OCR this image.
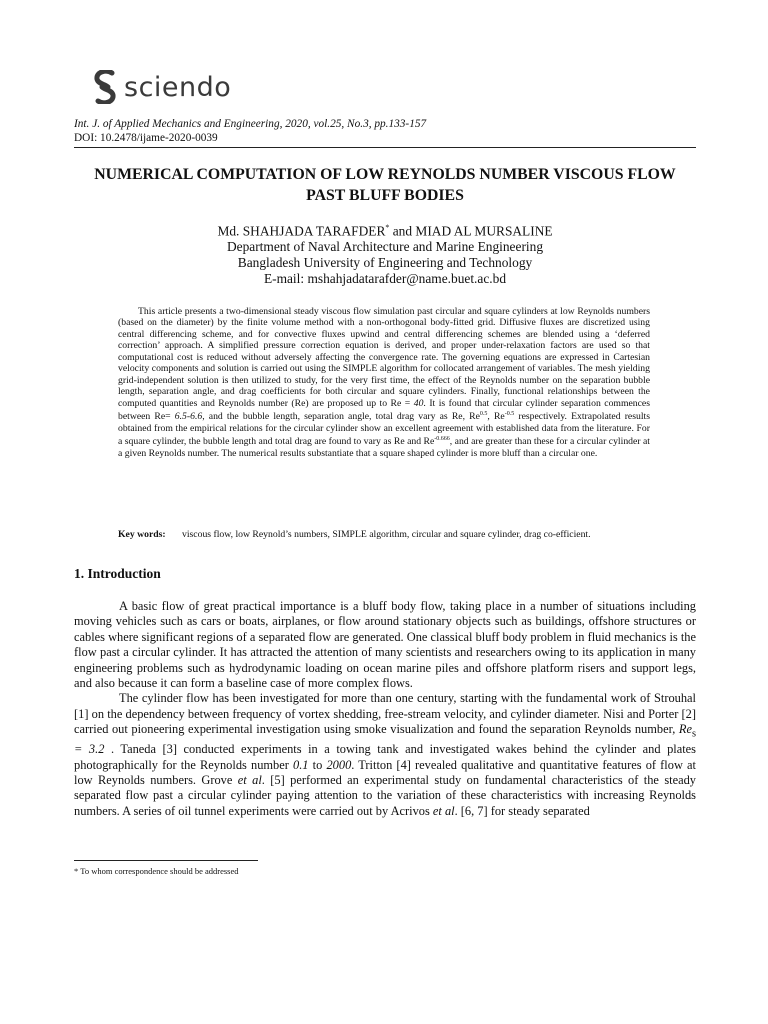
sciendo
Int. J. of Applied Mechanics and Engineering, 2020, vol.25, No.3, pp.133-157
DOI: 10.2478/ijame-2020-0039
NUMERICAL COMPUTATION OF LOW REYNOLDS NUMBER VISCOUS FLOW PAST BLUFF BODIES
Md. SHAHJADA TARAFDER* and MIAD AL MURSALINE
Department of Naval Architecture and Marine Engineering
Bangladesh University of Engineering and Technology
E-mail: mshahjadatarafder@name.buet.ac.bd

This article presents a two-dimensional steady viscous flow simulation past circular and square cylinders at low Reynolds numbers (based on the diameter) by the finite volume method with a non-orthogonal body-fitted grid. Diffusive fluxes are discretized using central differencing scheme, and for convective fluxes upwind and central differencing schemes are blended using a ‘deferred correction’ approach. A simplified pressure correction equation is derived, and proper under-relaxation factors are used so that computational cost is reduced without adversely affecting the convergence rate. The governing equations are expressed in Cartesian velocity components and solution is carried out using the SIMPLE algorithm for collocated arrangement of variables. The mesh yielding grid-independent solution is then utilized to study, for the very first time, the effect of the Reynolds number on the separation bubble length, separation angle, and drag coefficients for both circular and square cylinders. Finally, functional relationships between the computed quantities and Reynolds number (Re) are proposed up to Re = 40. It is found that circular cylinder separation commences between Re= 6.5-6.6, and the bubble length, separation angle, total drag vary as Re, $Re^{0.5}$, $Re^{-0.5}$ respectively. Extrapolated results obtained from the empirical relations for the circular cylinder show an excellent agreement with established data from the literature. For a square cylinder, the bubble length and total drag are found to vary as Re and $Re^{-0.666}$, and are greater than these for a circular cylinder at a given Reynolds number. The numerical results substantiate that a square shaped cylinder is more bluff than a circular one.

Key words:	viscous flow, low Reynold’s numbers, SIMPLE algorithm, circular and square cylinder, drag co-efficient.
1. Introduction

A basic flow of great practical importance is a bluff body flow, taking place in a number of situations including moving vehicles such as cars or boats, airplanes, or flow around stationary objects such as buildings, offshore structures or cables where significant regions of a separated flow are generated. One classical bluff body problem in fluid mechanics is the flow past a circular cylinder. It has attracted the attention of many scientists and researchers owing to its application in many engineering problems such as hydrodynamic loading on ocean marine piles and offshore platform risers and support legs, and also because it can form a baseline case of more complex flows.

The cylinder flow has been investigated for more than one century, starting with the fundamental work of Strouhal [1] on the dependency between frequency of vortex shedding, free-stream velocity, and cylinder diameter. Nisi and Porter [2] carried out pioneering experimental investigation using smoke visualization and found the separation Reynolds number, $Re_s = 3.2$ . Taneda [3] conducted experiments in a towing tank and investigated wakes behind the cylinder and plates photographically for the Reynolds number 0.1 to 2000. Tritton [4] revealed qualitative and quantitative features of flow at low Reynolds numbers. Grove et al. [5] performed an experimental study on fundamental characteristics of the steady separated flow past a circular cylinder paying attention to the variation of these characteristics with increasing Reynolds numbers. A series of oil tunnel experiments were carried out by Acrivos et al. [6, 7] for steady separated

* To whom correspondence should be addressed
